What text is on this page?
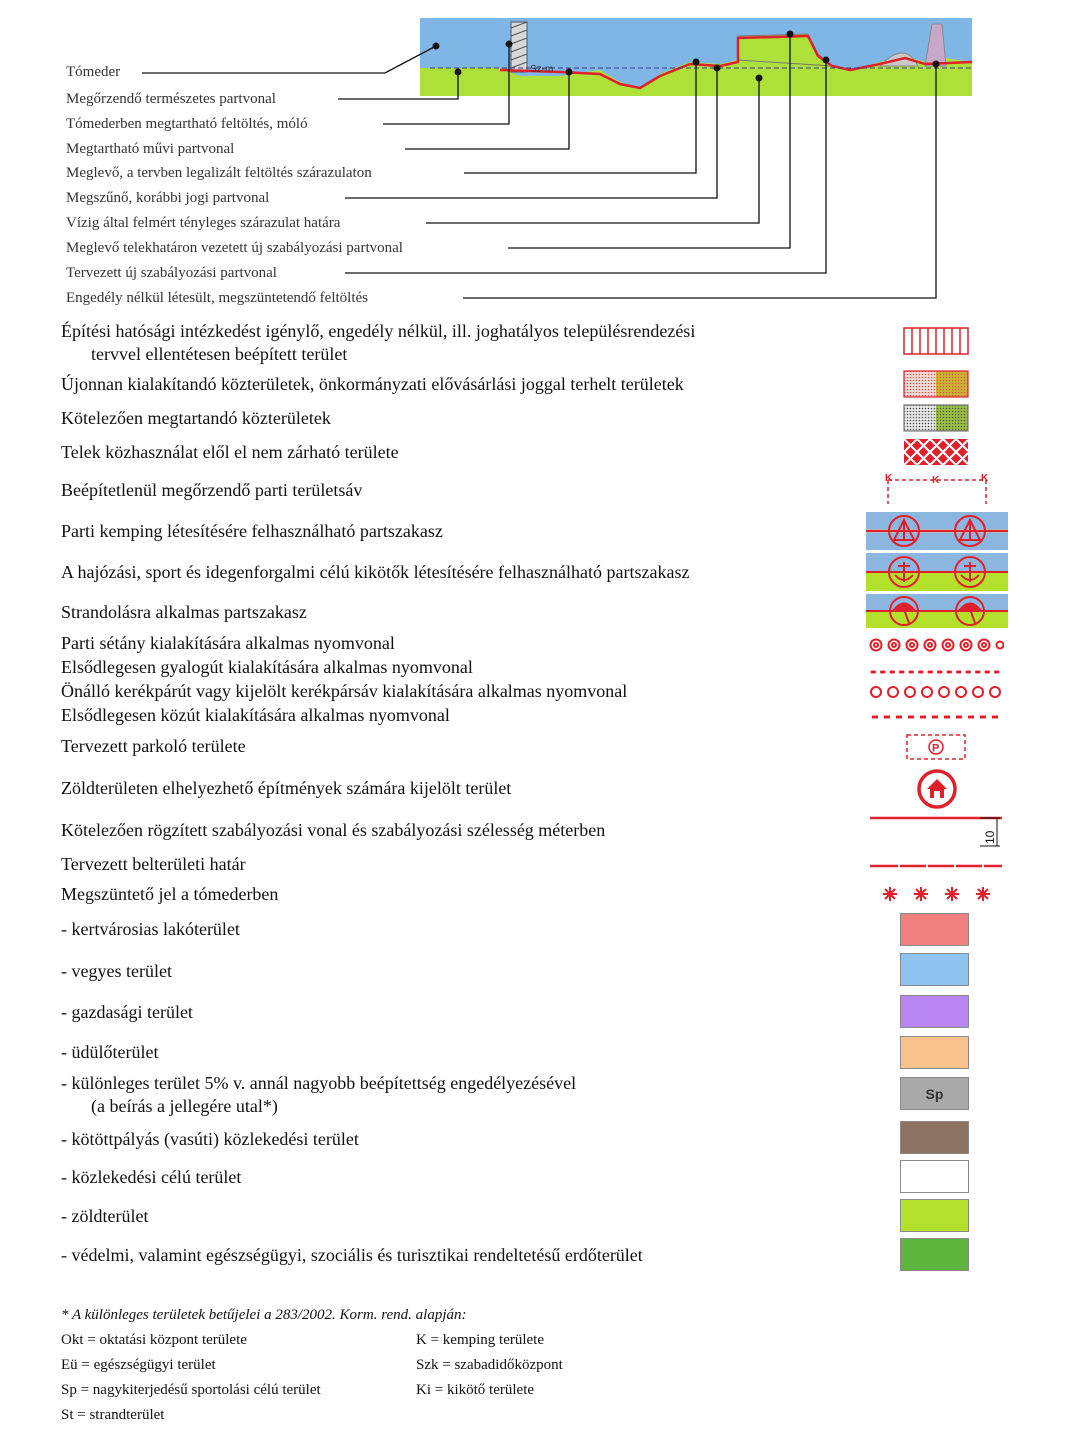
Sz-m
Tómeder
Megőrzendő természetes partvonal
Tómederben megtartható feltöltés, móló
Megtartható művi partvonal
Meglevő, a tervben legalizált feltöltés szárazulaton
Megszűnő, korábbi jogi partvonal
Vízig által felmért tényleges szárazulat határa
Meglevő telekhatáron vezetett új szabályozási partvonal
Tervezett új szabályozási partvonal
Engedély nélkül létesült, megszüntetendő feltöltés
Építési hatósági intézkedést igénylő, engedély nélkül, ill. joghatályos településrendezési
tervvel ellentétesen beépített terület
Újonnan kialakítandó közterületek, önkormányzati elővásárlási joggal terhelt területek
Kötelezően megtartandó közterületek
Telek közhasználat elől el nem zárható területe
Beépítetlenül megőrzendő parti területsáv
Parti kemping létesítésére felhasználható partszakasz
A hajózási, sport és idegenforgalmi célú kikötők létesítésére felhasználható partszakasz
Strandolásra alkalmas partszakasz
Parti sétány kialakítására alkalmas nyomvonal
Elsődlegesen gyalogút kialakítására alkalmas nyomvonal
Önálló kerékpárút vagy kijelölt kerékpársáv kialakítására alkalmas nyomvonal
Elsődlegesen közút kialakítására alkalmas nyomvonal
Tervezett parkoló területe
Zöldterületen elhelyezhető építmények számára kijelölt terület
Kötelezően rögzített szabályozási vonal és szabályozási szélesség méterben
Tervezett belterületi határ
Megszüntető jel a tómederben
- kertvárosias lakóterület
- vegyes terület
- gazdasági terület
- üdülőterület
- különleges terület 5% v. annál nagyobb beépítettség engedélyezésével
(a beírás a jellegére utal*)
- kötöttpályás (vasúti) közlekedési terület
- közlekedési célú terület
- zöldterület
- védelmi, valamint egészségügyi, szociális és turisztikai rendeltetésű erdőterület
K	K	K
P
10
Sp
* A különleges területek betűjelei a 283/2002. Korm. rend. alapján:
Okt = oktatási központ területe
Eü = egészségügyi terület
Sp = nagykiterjedésű sportolási célú terület
St = strandterület
K = kemping területe
Szk = szabadidőközpont
Ki = kikötő területe
